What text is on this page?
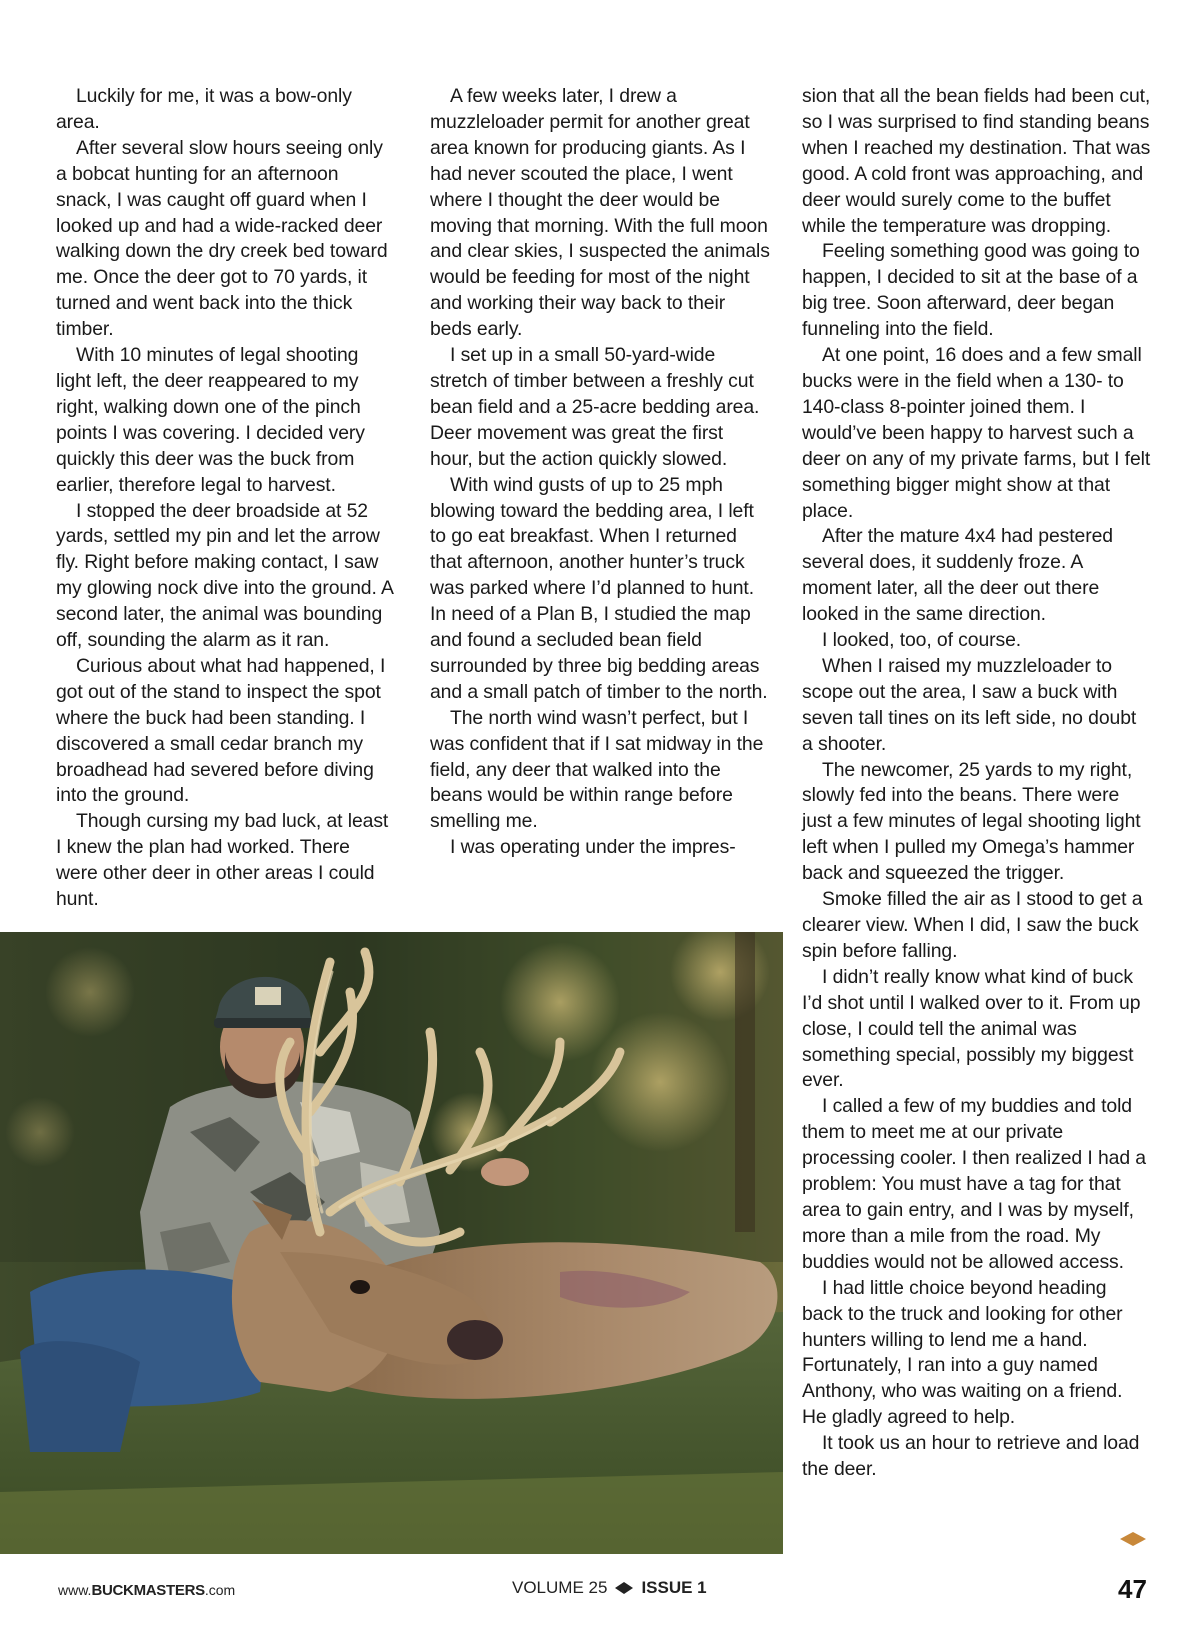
Luckily for me, it was a bow-only area.

After several slow hours seeing only a bobcat hunting for an afternoon snack, I was caught off guard when I looked up and had a wide-racked deer walking down the dry creek bed toward me. Once the deer got to 70 yards, it turned and went back into the thick timber.

With 10 minutes of legal shooting light left, the deer reappeared to my right, walking down one of the pinch points I was covering. I decided very quickly this deer was the buck from earlier, therefore legal to harvest.

I stopped the deer broadside at 52 yards, settled my pin and let the arrow fly. Right before making contact, I saw my glowing nock dive into the ground. A second later, the animal was bounding off, sounding the alarm as it ran.

Curious about what had happened, I got out of the stand to inspect the spot where the buck had been standing. I discovered a small cedar branch my broadhead had severed before diving into the ground.

Though cursing my bad luck, at least I knew the plan had worked. There were other deer in other areas I could hunt.

A few weeks later, I drew a muzzleloader permit for another great area known for producing giants. As I had never scouted the place, I went where I thought the deer would be moving that morning. With the full moon and clear skies, I suspected the animals would be feeding for most of the night and working their way back to their beds early.

I set up in a small 50-yard-wide stretch of timber between a freshly cut bean field and a 25-acre bedding area. Deer movement was great the first hour, but the action quickly slowed.

With wind gusts of up to 25 mph blowing toward the bedding area, I left to go eat breakfast. When I returned that afternoon, another hunter’s truck was parked where I’d planned to hunt. In need of a Plan B, I studied the map and found a secluded bean field surrounded by three big bedding areas and a small patch of timber to the north.

The north wind wasn’t perfect, but I was confident that if I sat midway in the field, any deer that walked into the beans would be within range before smelling me.

I was operating under the impres-

sion that all the bean fields had been cut, so I was surprised to find standing beans when I reached my destination. That was good. A cold front was approaching, and deer would surely come to the buffet while the temperature was dropping.

Feeling something good was going to happen, I decided to sit at the base of a big tree. Soon afterward, deer began funneling into the field.

At one point, 16 does and a few small bucks were in the field when a 130- to 140-class 8-pointer joined them. I would’ve been happy to harvest such a deer on any of my private farms, but I felt something bigger might show at that place.

After the mature 4x4 had pestered several does, it suddenly froze. A moment later, all the deer out there looked in the same direction.

I looked, too, of course.

When I raised my muzzleloader to scope out the area, I saw a buck with seven tall tines on its left side, no doubt a shooter.

The newcomer, 25 yards to my right, slowly fed into the beans. There were just a few minutes of legal shooting light left when I pulled my Omega’s hammer back and squeezed the trigger.

Smoke filled the air as I stood to get a clearer view. When I did, I saw the buck spin before falling.

I didn’t really know what kind of buck I’d shot until I walked over to it. From up close, I could tell the animal was something special, possibly my biggest ever.

I called a few of my buddies and told them to meet me at our private processing cooler. I then realized I had a problem: You must have a tag for that area to gain entry, and I was by myself, more than a mile from the road. My buddies would not be allowed access.

I had little choice beyond heading back to the truck and looking for other hunters willing to lend me a hand. Fortunately, I ran into a guy named Anthony, who was waiting on a friend. He gladly agreed to help.

It took us an hour to retrieve and load the deer.

www.BUCKMASTERS.com	VOLUME 25 ISSUE 1	47
